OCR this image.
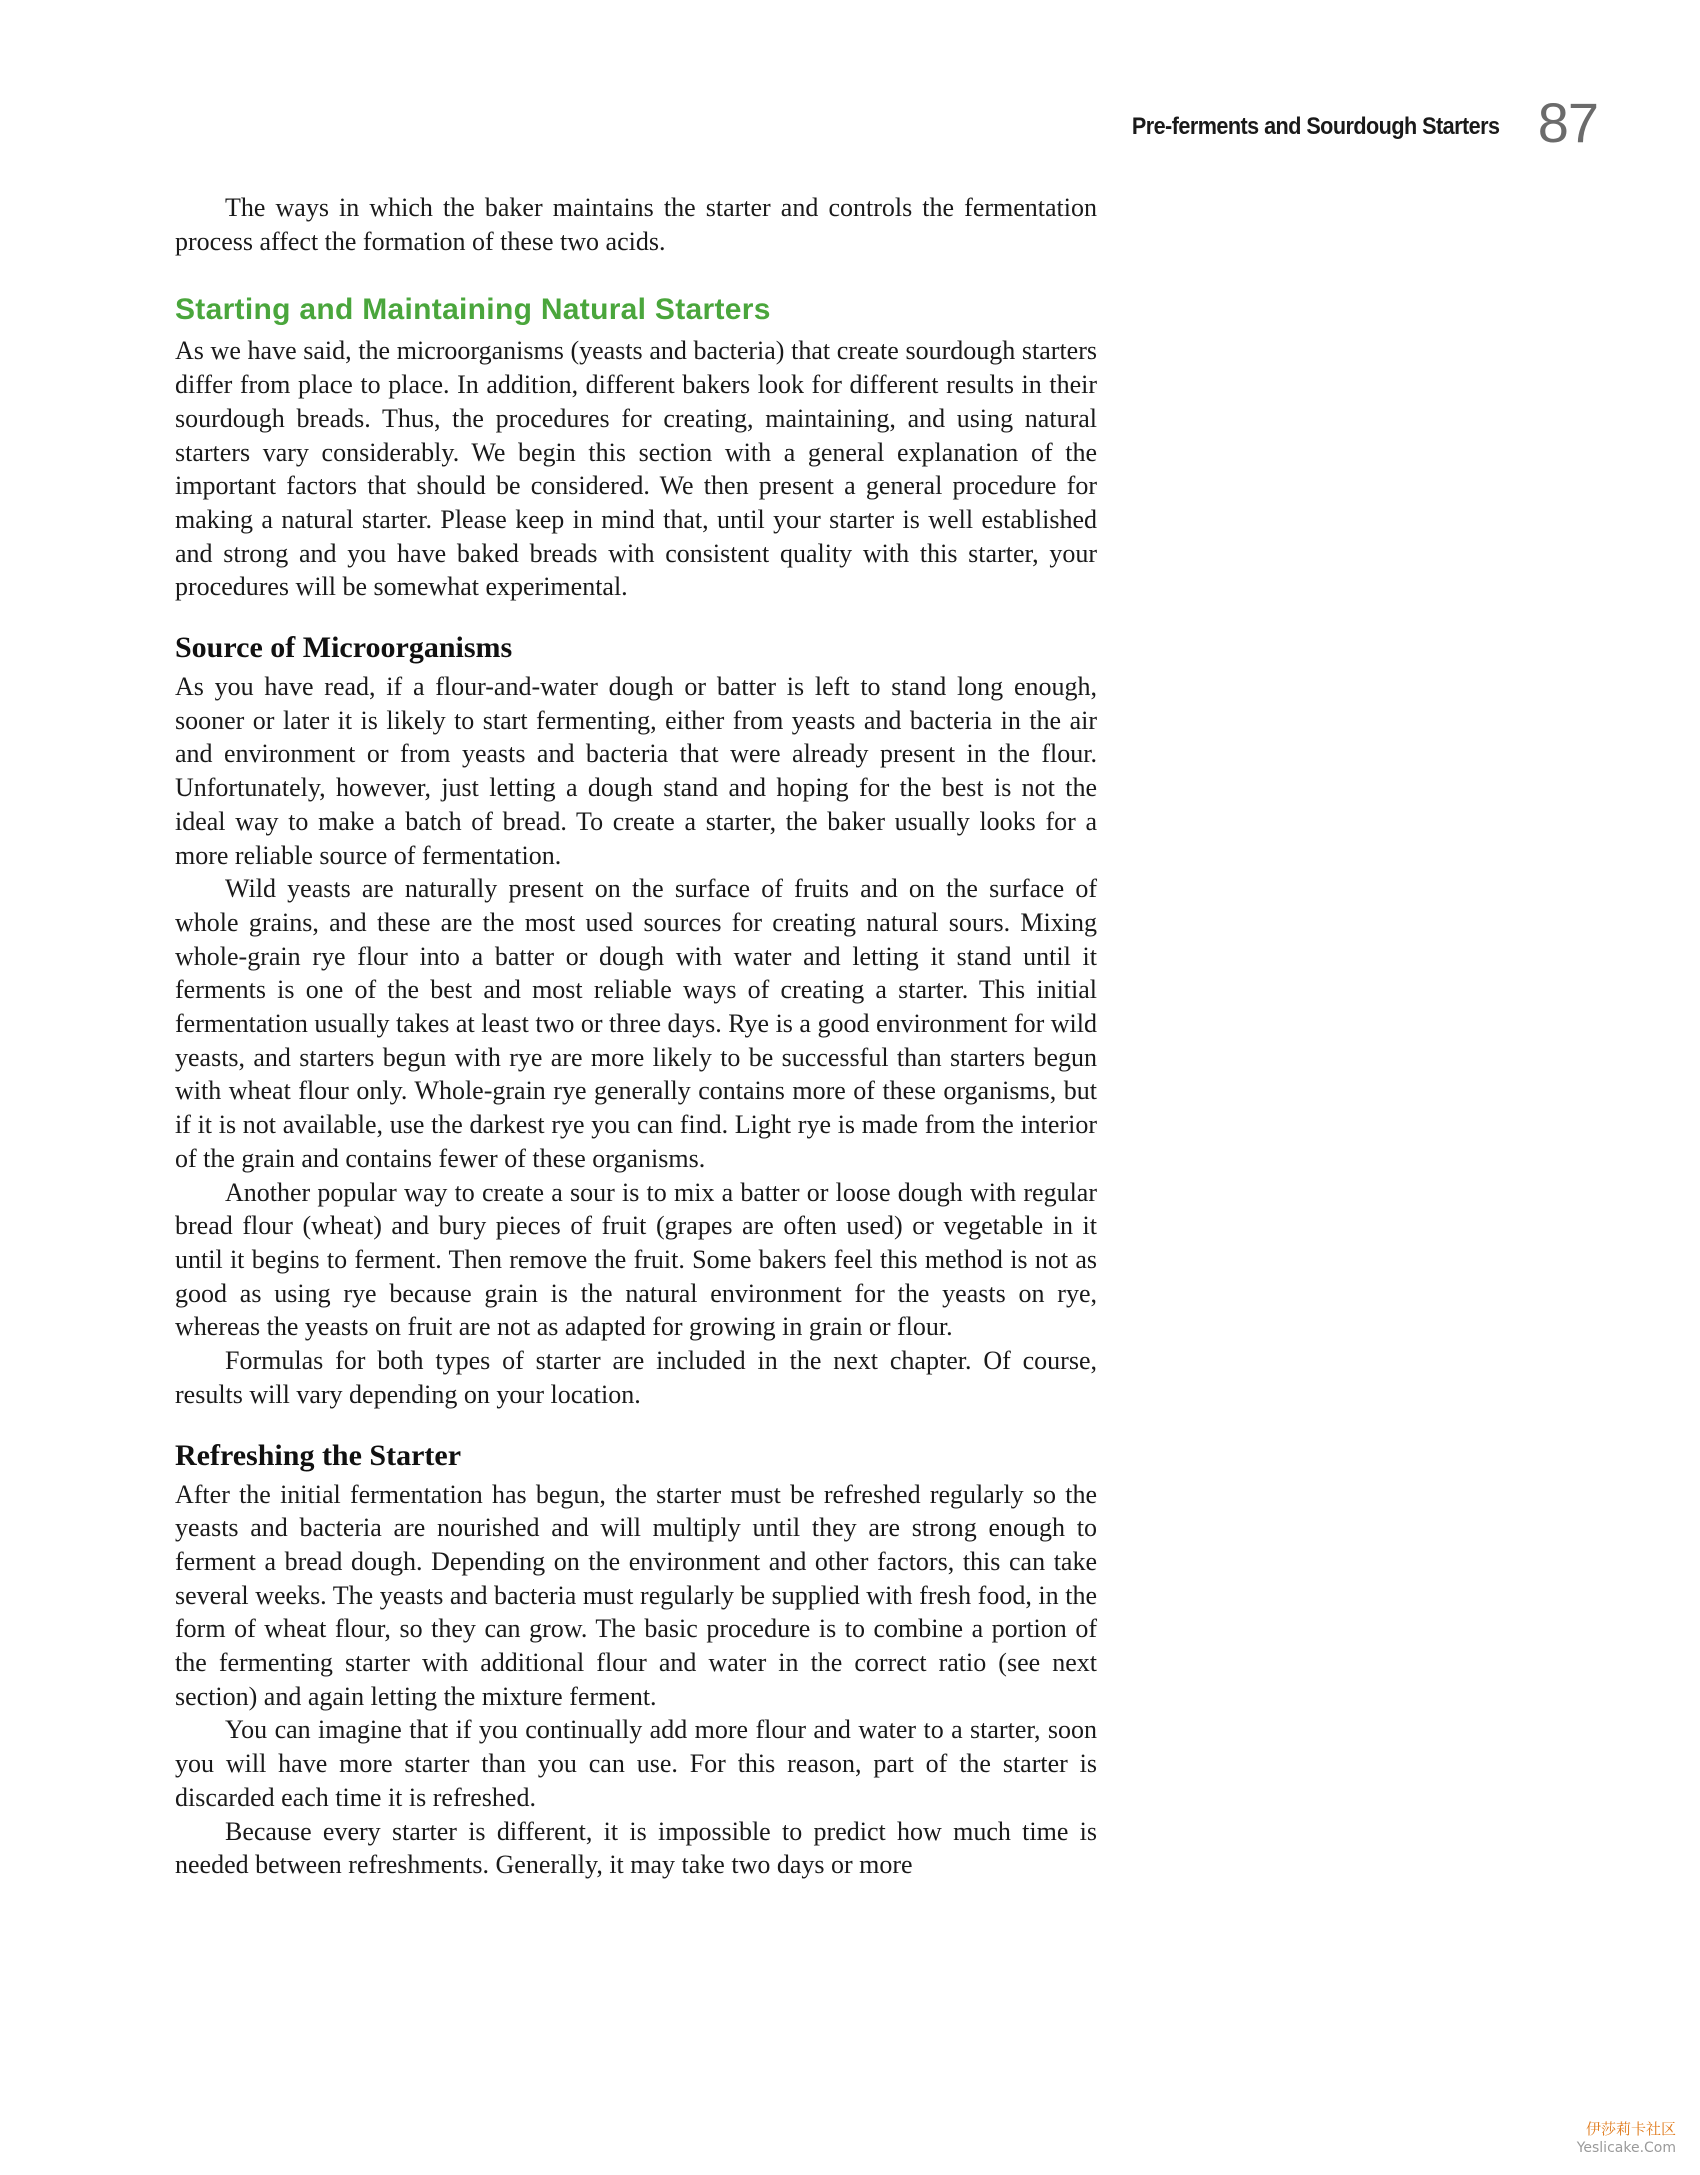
Pre-ferments and Sourdough Starters 87

The ways in which the baker maintains the starter and controls the fermentation process affect the formation of these two acids.

Starting and Maintaining Natural Starters

As we have said, the microorganisms (yeasts and bacteria) that create sourdough starters differ from place to place. In addition, different bakers look for different results in their sourdough breads. Thus, the procedures for creating, maintaining, and using natural starters vary considerably. We begin this section with a general explanation of the important factors that should be considered. We then present a general procedure for making a natural starter. Please keep in mind that, until your starter is well established and strong and you have baked breads with consistent quality with this starter, your procedures will be somewhat experimental.

Source of Microorganisms

As you have read, if a flour-and-water dough or batter is left to stand long enough, sooner or later it is likely to start fermenting, either from yeasts and bacteria in the air and environment or from yeasts and bacteria that were already present in the flour. Unfortunately, however, just letting a dough stand and hoping for the best is not the ideal way to make a batch of bread. To create a starter, the baker usually looks for a more reliable source of fermentation.

Wild yeasts are naturally present on the surface of fruits and on the surface of whole grains, and these are the most used sources for creating natural sours. Mixing whole-grain rye flour into a batter or dough with water and letting it stand until it ferments is one of the best and most reliable ways of creating a starter. This initial fermentation usually takes at least two or three days. Rye is a good environment for wild yeasts, and starters begun with rye are more likely to be successful than starters begun with wheat flour only. Whole-grain rye generally contains more of these organisms, but if it is not available, use the darkest rye you can find. Light rye is made from the interior of the grain and contains fewer of these organisms.

Another popular way to create a sour is to mix a batter or loose dough with regular bread flour (wheat) and bury pieces of fruit (grapes are often used) or vegetable in it until it begins to ferment. Then remove the fruit. Some bakers feel this method is not as good as using rye because grain is the natural environment for the yeasts on rye, whereas the yeasts on fruit are not as adapted for growing in grain or flour.

Formulas for both types of starter are included in the next chapter. Of course, results will vary depending on your location.

Refreshing the Starter

After the initial fermentation has begun, the starter must be refreshed regularly so the yeasts and bacteria are nourished and will multiply until they are strong enough to ferment a bread dough. Depending on the environment and other factors, this can take several weeks. The yeasts and bacteria must regularly be supplied with fresh food, in the form of wheat flour, so they can grow. The basic procedure is to combine a portion of the fermenting starter with additional flour and water in the correct ratio (see next section) and again letting the mixture ferment.

You can imagine that if you continually add more flour and water to a starter, soon you will have more starter than you can use. For this reason, part of the starter is discarded each time it is refreshed.

Because every starter is different, it is impossible to predict how much time is needed between refreshments. Generally, it may take two days or more

伊莎莉卡社区
Yeslicake.Com
